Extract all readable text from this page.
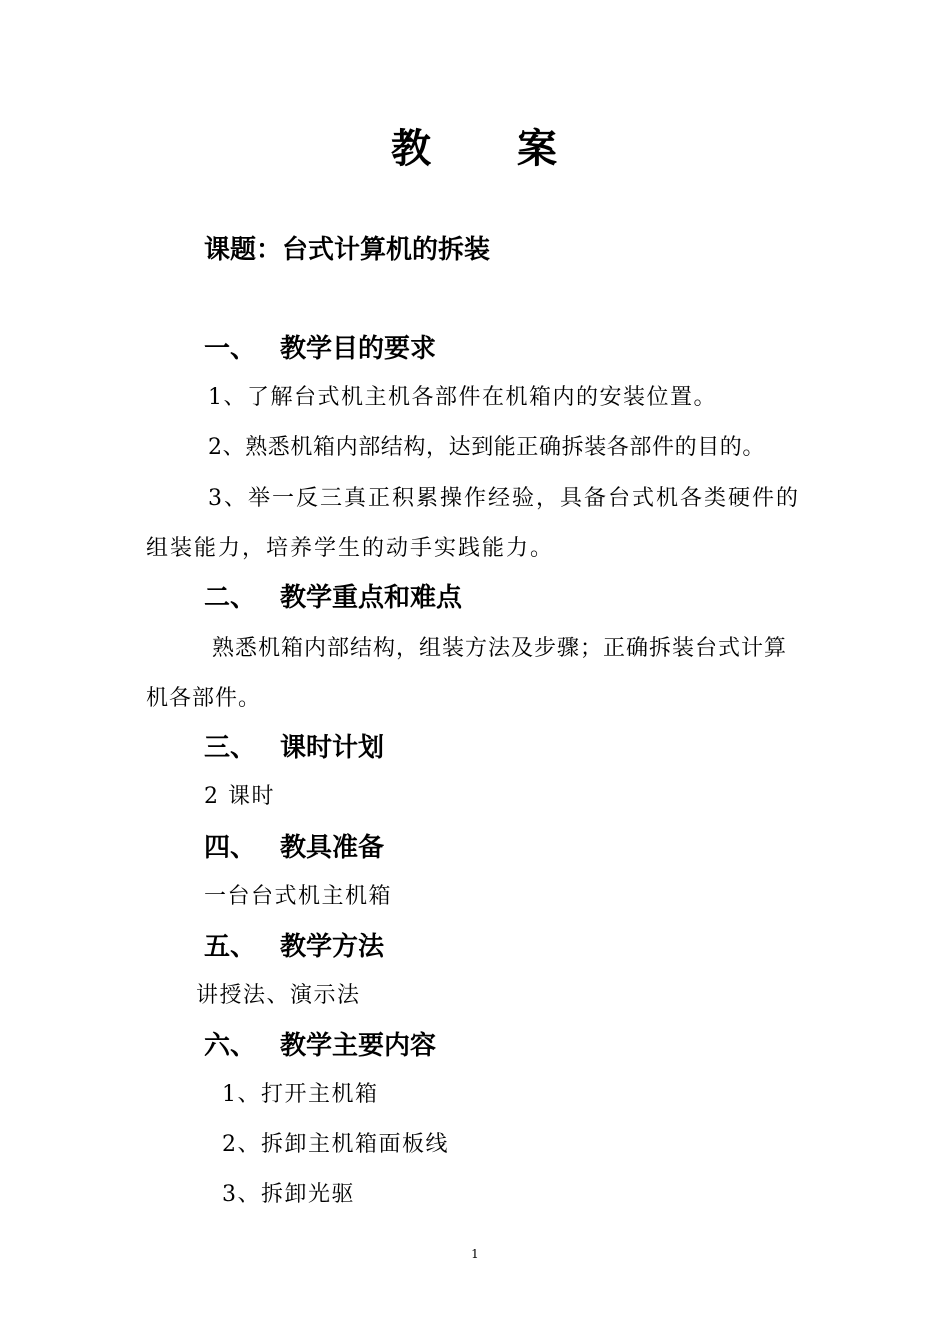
教 案
课题：台式计算机的拆装
一、 教学目的要求
1、了解台式机主机各部件在机箱内的安装位置。
2、熟悉机箱内部结构，达到能正确拆装各部件的目的。
3、举一反三真正积累操作经验，具备台式机各类硬件的组装能力，培养学生的动手实践能力。
二、 教学重点和难点
熟悉机箱内部结构，组装方法及步骤；正确拆装台式计算机各部件。
三、 课时计划
2 课时
四、 教具准备
一台台式机主机箱
五、 教学方法
讲授法、演示法
六、 教学主要内容
1、打开主机箱
2、拆卸主机箱面板线
3、拆卸光驱
1
